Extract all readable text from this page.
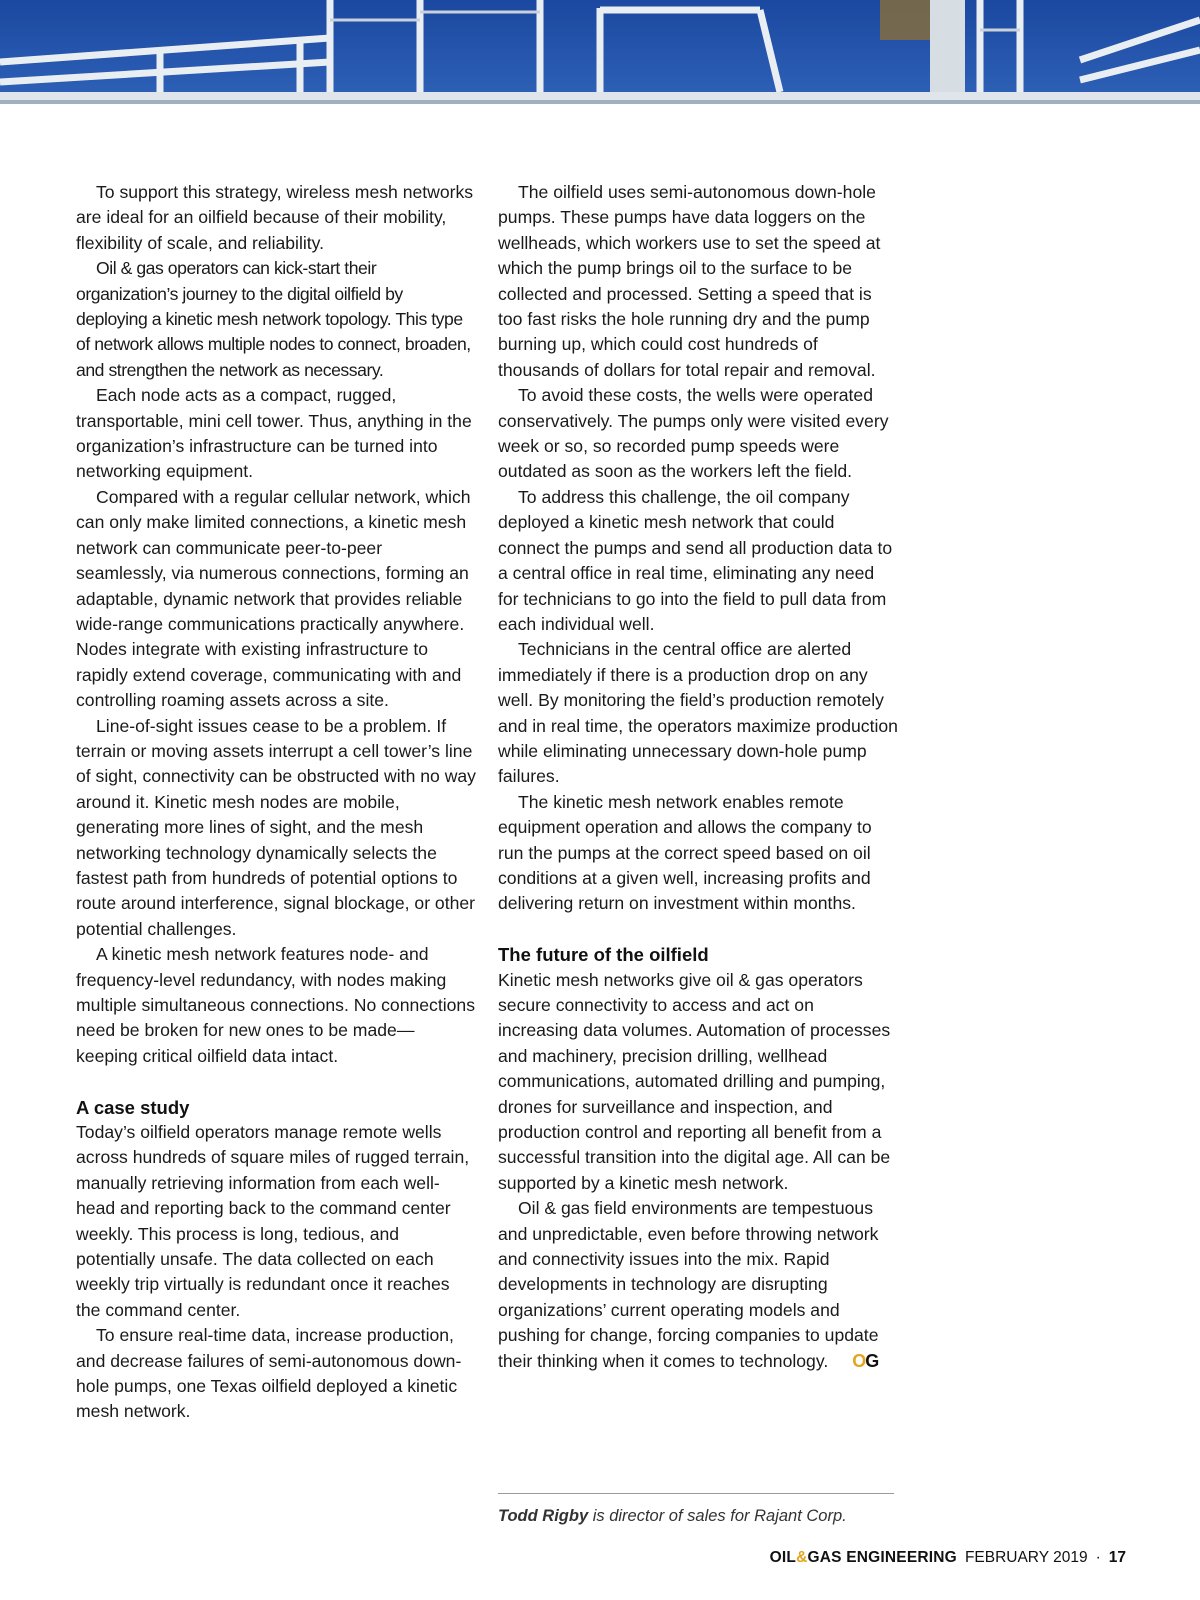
To support this strategy, wireless mesh networks are ideal for an oilfield because of their mobility, flexibility of scale, and reliability.

Oil & gas operators can kick-start their organization’s journey to the digital oilfield by deploying a kinetic mesh network topology. This type of network allows multiple nodes to connect, broaden, and strengthen the network as necessary.

Each node acts as a compact, rugged, transportable, mini cell tower. Thus, anything in the organization’s infrastructure can be turned into networking equipment.

Compared with a regular cellular network, which can only make limited connections, a kinetic mesh network can communicate peer-to-peer seamlessly, via numerous connections, forming an adaptable, dynamic network that provides reliable wide-range communications practically anywhere. Nodes integrate with existing infrastructure to rapidly extend coverage, communicating with and controlling roaming assets across a site.

Line-of-sight issues cease to be a problem. If terrain or moving assets interrupt a cell tower’s line of sight, connectivity can be obstructed with no way around it. Kinetic mesh nodes are mobile, generating more lines of sight, and the mesh networking technology dynamically selects the fastest path from hundreds of potential options to route around interference, signal blockage, or other potential challenges.

A kinetic mesh network features node- and frequency-level redundancy, with nodes making multiple simultaneous connections. No connections need be broken for new ones to be made—keeping critical oilfield data intact.

A case study

Today’s oilfield operators manage remote wells across hundreds of square miles of rugged terrain, manually retrieving information from each well-head and reporting back to the command center weekly. This process is long, tedious, and potentially unsafe. The data collected on each weekly trip virtually is redundant once it reaches the command center.

To ensure real-time data, increase production, and decrease failures of semi-autonomous down-hole pumps, one Texas oilfield deployed a kinetic mesh network.

The oilfield uses semi-autonomous down-hole pumps. These pumps have data loggers on the wellheads, which workers use to set the speed at which the pump brings oil to the surface to be collected and processed. Setting a speed that is too fast risks the hole running dry and the pump burning up, which could cost hundreds of thousands of dollars for total repair and removal.

To avoid these costs, the wells were operated conservatively. The pumps only were visited every week or so, so recorded pump speeds were outdated as soon as the workers left the field.

To address this challenge, the oil company deployed a kinetic mesh network that could connect the pumps and send all production data to a central office in real time, eliminating any need for technicians to go into the field to pull data from each individual well.

Technicians in the central office are alerted immediately if there is a production drop on any well. By monitoring the field’s production remotely and in real time, the operators maximize production while eliminating unnecessary down-hole pump failures.

The kinetic mesh network enables remote equipment operation and allows the company to run the pumps at the correct speed based on oil conditions at a given well, increasing profits and delivering return on investment within months.

The future of the oilfield

Kinetic mesh networks give oil & gas operators secure connectivity to access and act on increasing data volumes. Automation of processes and machinery, precision drilling, wellhead communications, automated drilling and pumping, drones for surveillance and inspection, and production control and reporting all benefit from a successful transition into the digital age. All can be supported by a kinetic mesh network.

Oil & gas field environments are tempestuous and unpredictable, even before throwing network and connectivity issues into the mix. Rapid developments in technology are disrupting organizations’ current operating models and pushing for change, forcing companies to update their thinking when it comes to technology. OG

Todd Rigby is director of sales for Rajant Corp.
OIL&GAS ENGINEERING FEBRUARY 2019 · 17
